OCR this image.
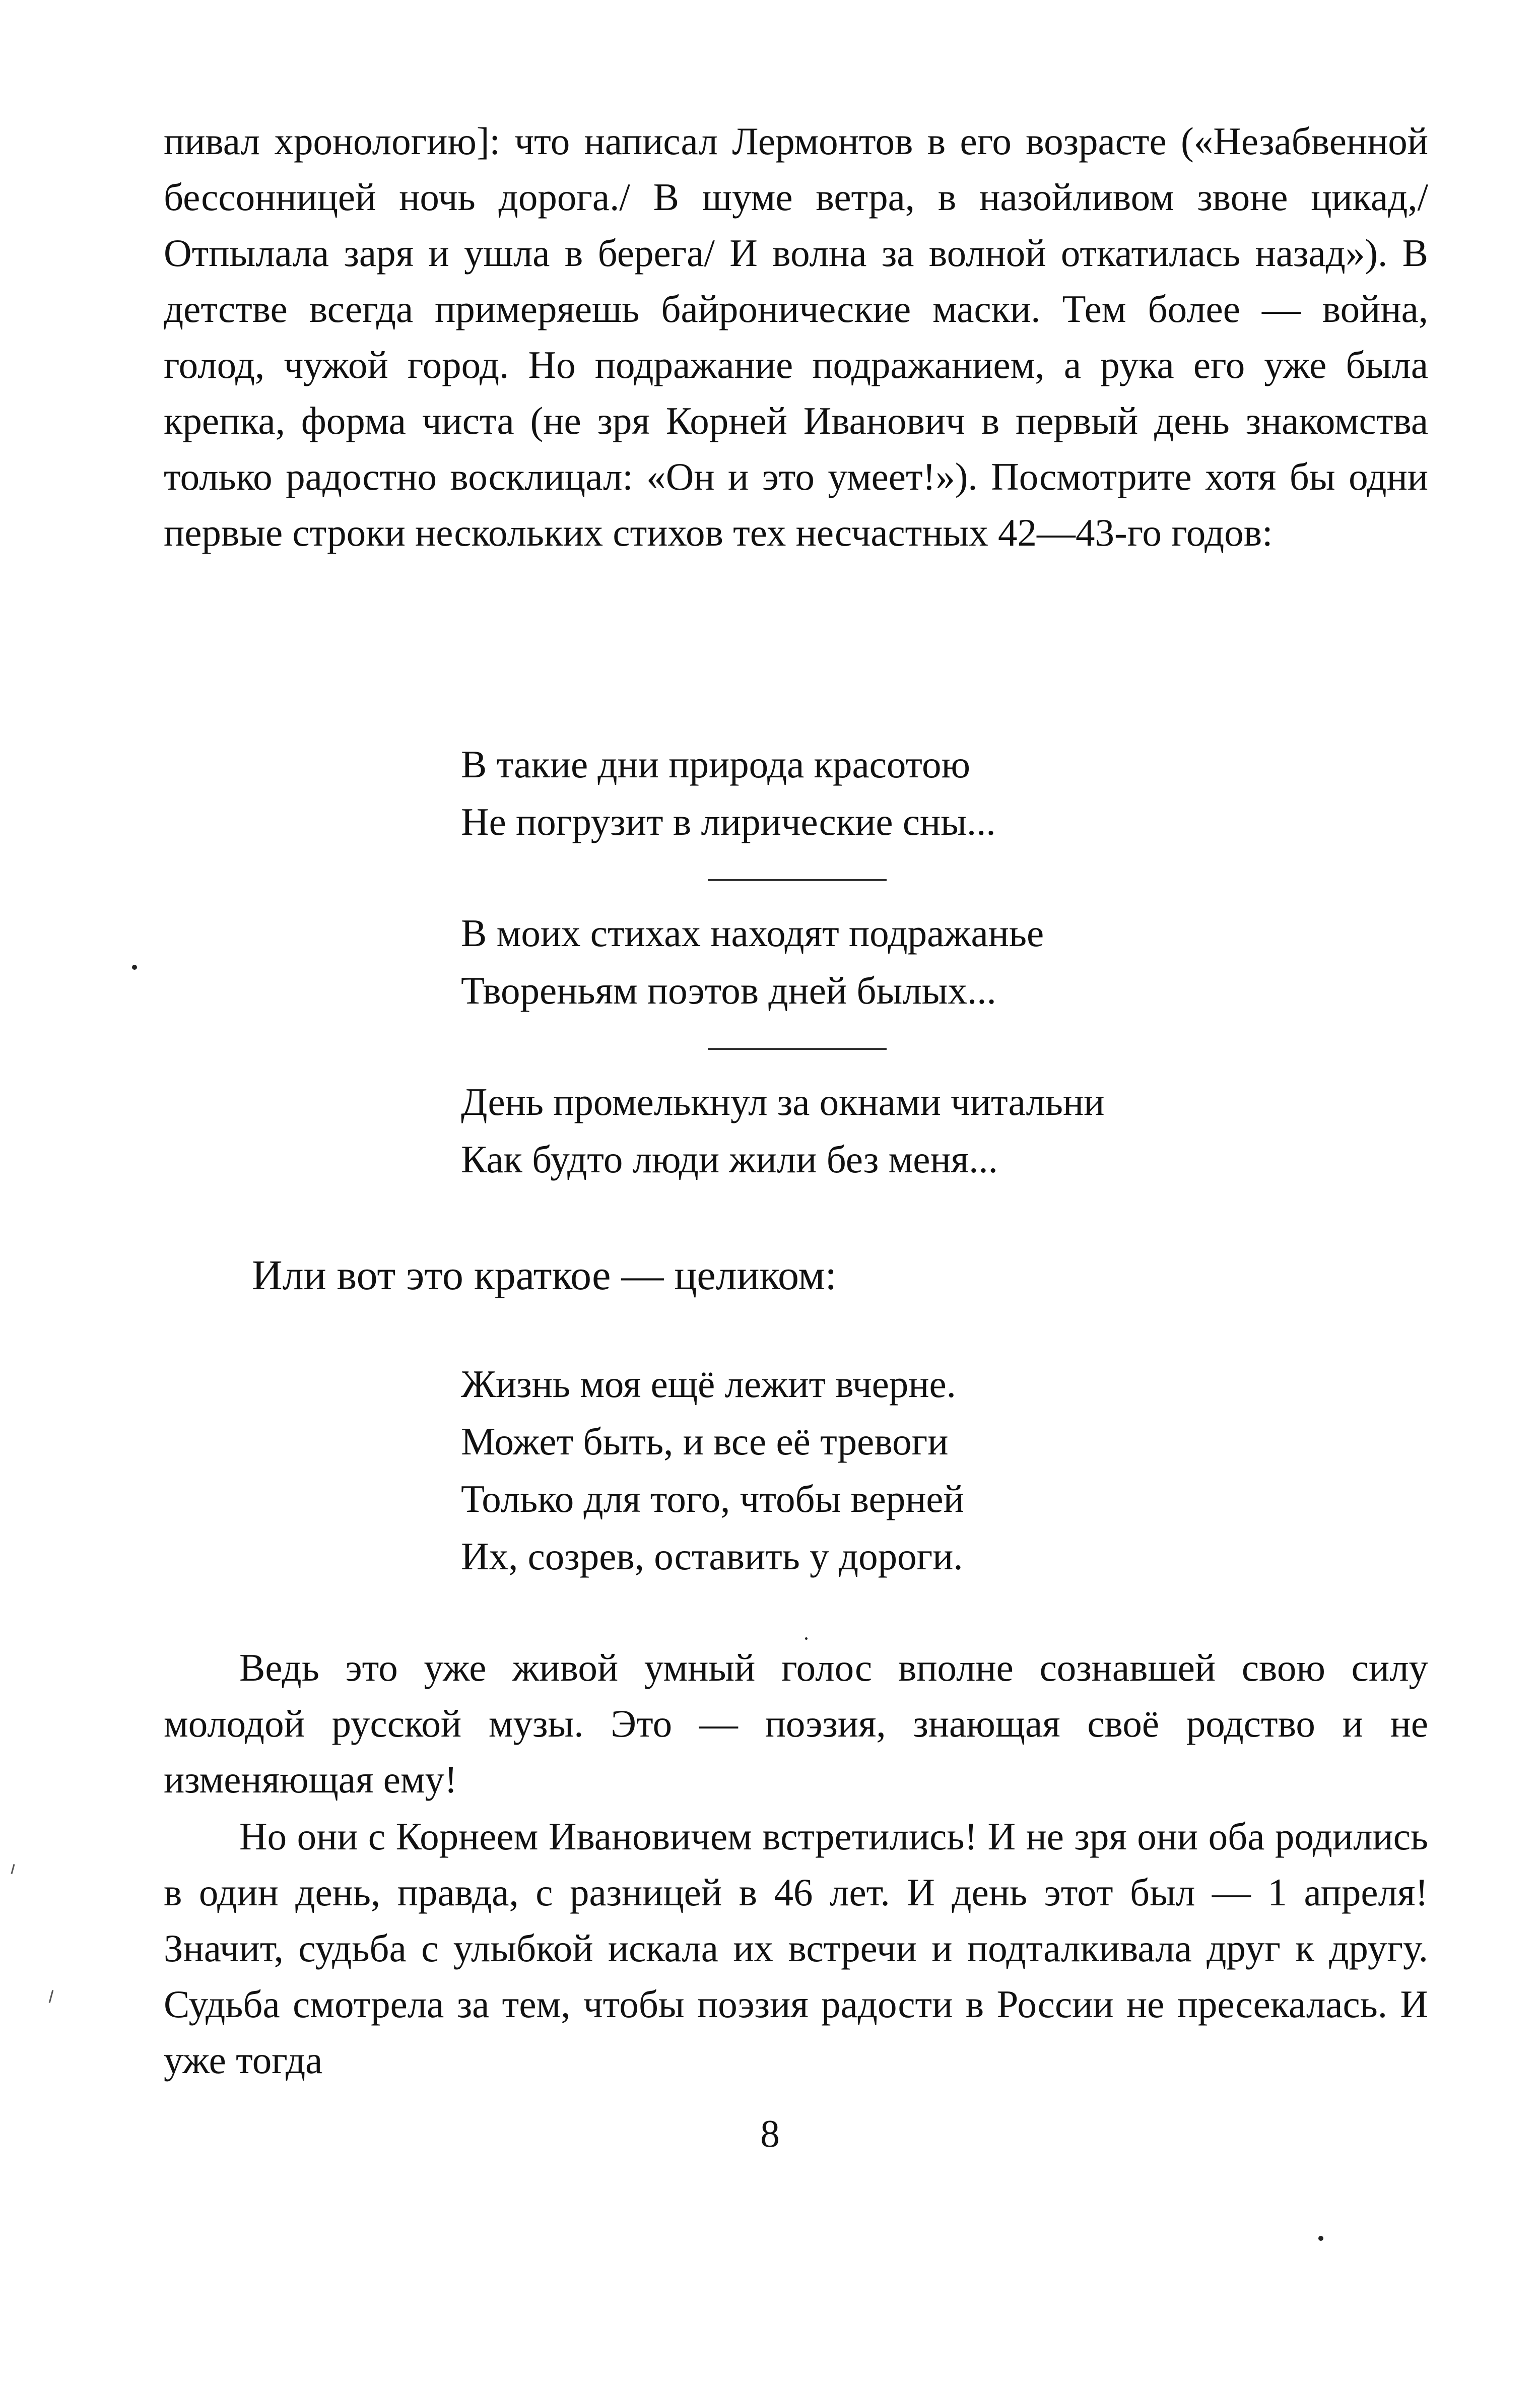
пивал хронологию]: что написал Лермонтов в его возрасте («Незабвенной бессонницей ночь дорога./ В шуме ветра, в назойливом звоне цикад,/ Отпылала заря и ушла в берега/ И волна за волной откатилась назад»). В детстве всегда примеряешь байронические маски. Тем более — война, голод, чужой город. Но подражание подражанием, а рука его уже была крепка, форма чиста (не зря Корней Иванович в первый день знакомства только радостно восклицал: «Он и это умеет!»). Посмотрите хотя бы одни первые строки нескольких стихов тех несчастных 42—43-го годов:

В такие дни природа красотою
Не погрузит в лирические сны...
В моих стихах находят подражанье
Твореньям поэтов дней былых...
День промелькнул за окнами читальни
Как будто люди жили без меня...
Или вот это краткое — целиком:
Жизнь моя ещё лежит вчерне.
Может быть, и все её тревоги
Только для того, чтобы верней
Их, созрев, оставить у дороги.

Ведь это уже живой умный голос вполне сознавшей свою силу молодой русской музы. Это — поэзия, знающая своё родство и не изменяющая ему!

Но они с Корнеем Ивановичем встретились! И не зря они оба родились в один день, правда, с разницей в 46 лет. И день этот был — 1 апреля! Значит, судьба с улыбкой искала их встречи и подталкивала друг к другу. Судьба смотрела за тем, чтобы поэзия радости в России не пресекалась. И уже тогда

8
